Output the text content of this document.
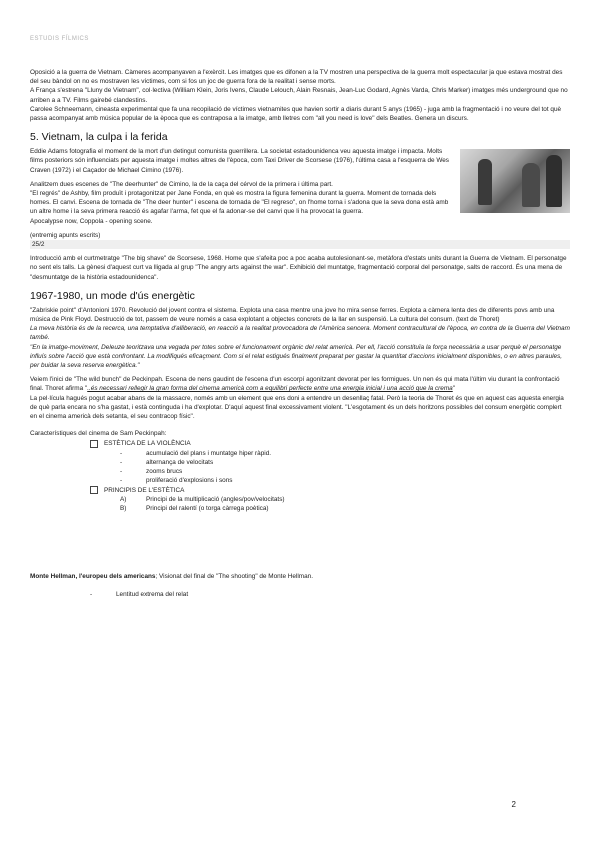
ESTUDIS FÍLMICS

Oposició a la guerra de Vietnam. Càmeres acompanyaven a l'exèrcit. Les imatges que es difonen a la TV mostren una perspectiva de la guerra molt espectacular ja que estava mostrat des del seu bàndol on no es mostraven les víctimes, com si fos un joc de guerra fora de la realitat i sense morts.

A França s'estrena "Lluny de Vietnam", col·lectiva (William Klein, Joris Ivens, Claude Lelouch, Alain Resnais, Jean-Luc Godard, Agnès Varda, Chris Marker) imatges més underground que no arriben a a TV. Films gairebé clandestins.

Carolee Schneemann, cineasta experimental que fa una recopilació de víctimes vietnamites que havien sortir a diaris durant 5 anys (1965) - juga amb la fragmentació i no veure del tot què passa acompanyat amb música popular de la època que es contraposa a la imatge, amb lletres com "all you need is love" dels Beatles. Genera un discurs.

5. Vietnam, la culpa i la ferida

Eddie Adams fotografia el moment de la mort d'un detingut comunista guerrillera. La societat estadounidenca veu aquesta imatge i impacta. Molts films posteriors són influenciats per aquesta imatge i moltes altres de l'època, com Taxi Driver de Scorsese (1976), l'última casa a l'esquerra de Wes Craven (1972) i el Caçador de Michael Cimino (1976).

Analitzem dues escenes de "The deerhunter" de Cimino, la de la caça del cérvol de la primera i última part.

"El regrés" de Ashby, film produït i protagonitzat per Jane Fonda, en què es mostra la figura femenina durant la guerra. Moment de tornada dels homes. El canvi. Escena de tornada de "The deer hunter" i escena de tornada de "El regreso", on l'home torna i s'adona que la seva dona està amb un altre home i la seva primera reacció és agafar l'arma, fet que el fa adonar-se del canvi que li ha provocat la guerra.

Apocalypse now, Coppola - opening scene.

(entremig apunts escrits)

25/2

Introducció amb el curtmetratge "The big shave" de Scorsese, 1968. Home que s'afeita poc a poc acaba autolesionant-se, metàfora d'estats units durant la Guerra de Vietnam. El personatge no sent els talls. La gènesi d'aquest curt va lligada al grup "The angry arts against the war". Exhibició del muntatge, fragmentació corporal del personatge, salts de raccord. És una mena de "desmuntatge de la història estadounidenca".

1967-1980, un mode d'ús energètic

"Zabriskie point" d'Antonioni 1970. Revolució del jovent contra el sistema. Explota una casa mentre una jove ho mira sense ferres. Explota a càmera lenta des de diferents povs amb una música de Pink Floyd. Destrucció de tot, passem de veure només a casa explotant a objectes concrets de la llar en suspensió. La cultura del consum. (text de Thoret)

La meva història és de la recerca, una temptativa d'alliberació, en reacció a la realitat provocadora de l'Amèrica sencera. Moment contracultural de l'època, en contra de la Guerra del Vietnam també.

"En la imatge-moviment, Deleuze teoritzava una vegada per totes sobre el funcionament orgànic del relat americà. Per ell, l'acció constituïa la força necessària a usar perquè el personatge influís sobre l'acció que està confrontant. La modifiqués eficaçment. Com si el relat estigués finalment preparat per gastar la quantitat d'accions inicialment disponibles, o en altres paraules, per buidar la seva reserva energètica."

Veiem l'inici de "The wild bunch" de Peckinpah. Escena de nens gaudint de l'escena d'un escorpí agonitzant devorat per les formigues. Un nen és qui mata l'últim viu durant la confrontació final. Thoret afirma "..és necessari rellegir la gran forma del cinema americà com a equilibri perfecte entre una energia inicial i una acció que la crema"

La pel·lícula hagués pogut acabar abans de la massacre, només amb un element que ens doni a entendre un desenllaç fatal. Però la teoria de Thoret és que en aquest cas aquesta energia de què parla encara no s'ha gastat, i està continguda i ha d'explotar. D'aquí aquest final excessivament violent. "L'esgotament és un dels horitzons possibles del consum energètic complert en el cinema americà dels setanta, el seu contracop físic".

Característiques del cinema de Sam Peckinpah:

ESTÈTICA DE LA VIOLÈNCIA
-	acumulació del plans i muntatge hiper ràpid.
-	alternança de velocitats
-	zooms brucs
-	proliferació d'explosions i sons
PRINCIPIS DE L'ESTÈTICA
A)	Principi de la multiplicació (angles/pov/velocitats)
B)	Principi del ralentí (o torga càrrega poètica)

Monte Hellman, l'europeu dels americans; Visionat del final de "The shooting" de Monte Hellman.

-	Lentitud extrema del relat
2
